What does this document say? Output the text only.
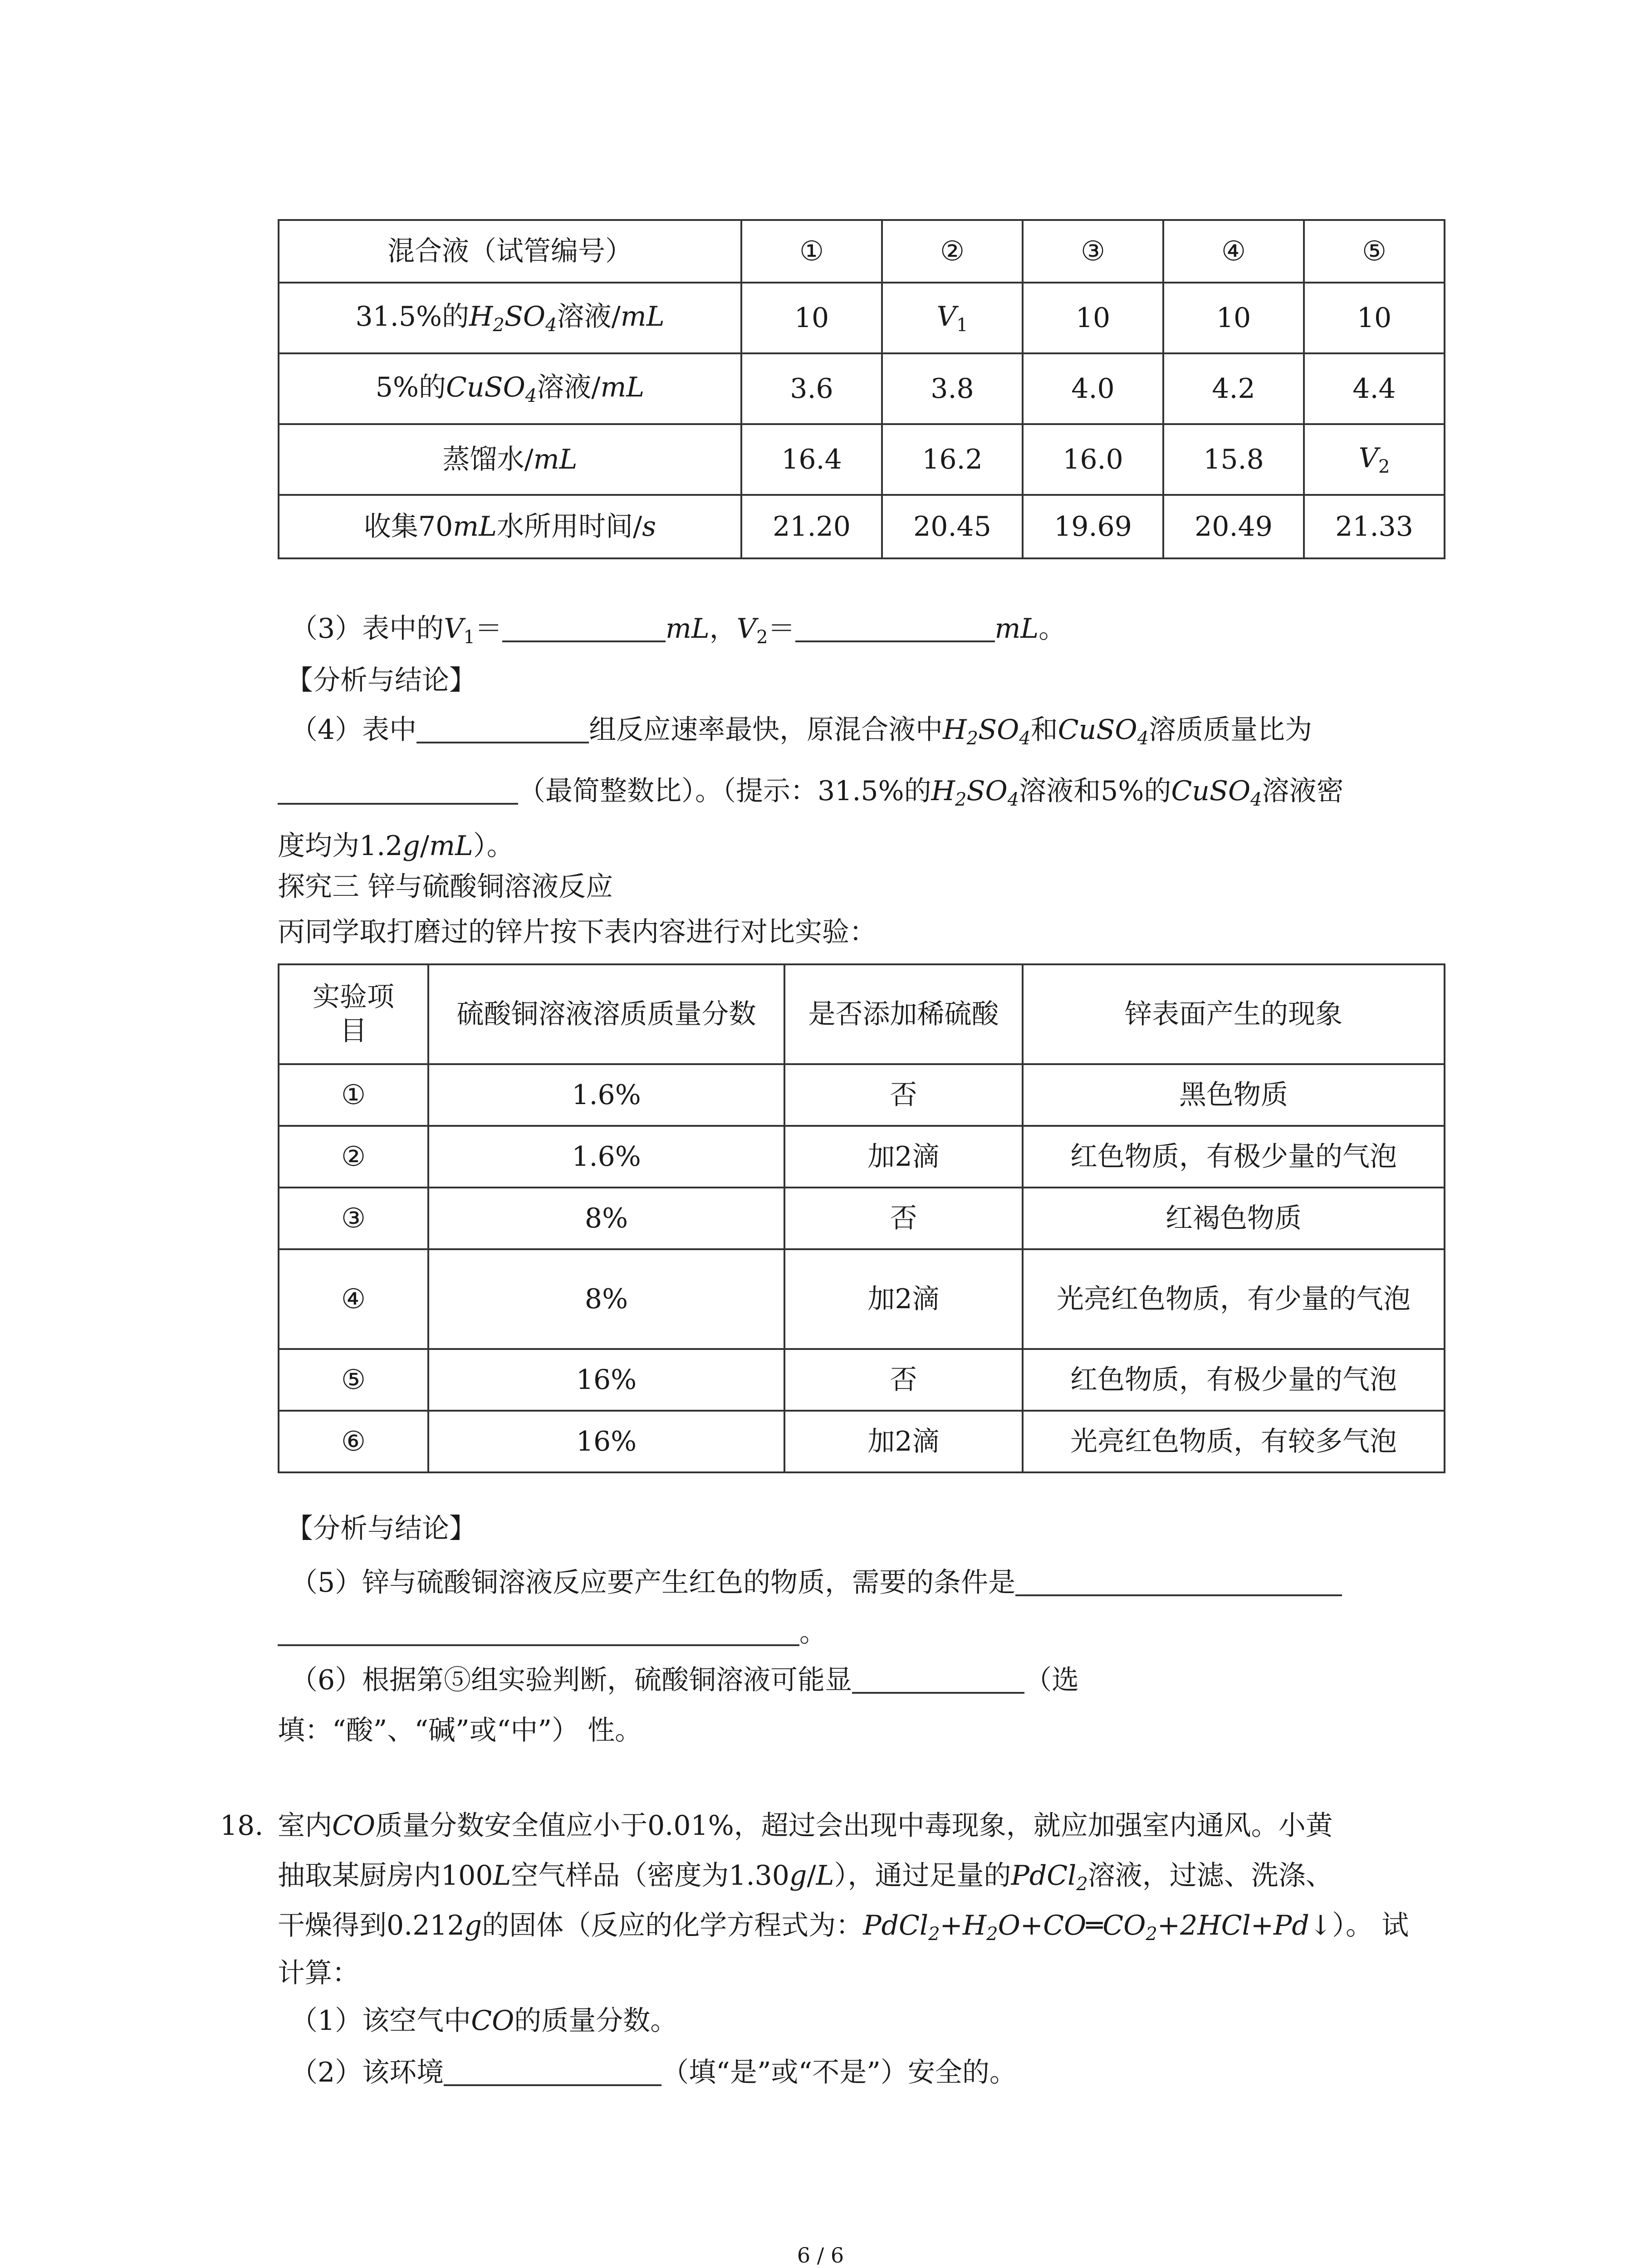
混合液（试管编号）	①	②	③	④	⑤
31.5%的$H_2SO_4$溶液/mL	10	$V_1$	10	10	10
5%的CuSO$_4$溶液/mL	3.6	3.8	4.0	4.2	4.4
蒸馏水/mL	16.4	16.2	16.0	15.8	$V_2$
收集70mL水所用时间/s	21.20	20.45	19.69	20.49	21.33
（3）表中的$V_1=$	mL，$V_2=$	mL。
【分析与结论】
（4）表中	组反应速率最快，原混合液中$H_2SO_4$和CuSO$_4$溶质质量比为
（最简整数比）。（提示：31.5%的$H_2SO_4$溶液和5%的CuSO$_4$溶液密
度均为1.2g/mL）。
探究三 锌与硫酸铜溶液反应
丙同学取打磨过的锌片按下表内容进行对比实验：
实验项目	硫酸铜溶液溶质质量分数	是否添加稀硫酸	锌表面产生的现象
①	1.6%	否	黑色物质
②	1.6%	加2滴	红色物质，有极少量的气泡
③	8%	否	红褐色物质
④	8%	加2滴	光亮红色物质，有少量的气泡
⑤	16%	否	红色物质，有极少量的气泡
⑥	16%	加2滴	光亮红色物质，有较多气泡
【分析与结论】
（5）锌与硫酸铜溶液反应要产生红色的物质，需要的条件是
。
（6）根据第⑤组实验判断，硫酸铜溶液可能显	（选
填：“酸”、“碱”或“中”） 性。
18. 室内CO质量分数安全值应小于0.01%，超过会出现中毒现象，就应加强室内通风。小黄
抽取某厨房内100L空气样品（密度为1.30g/L），通过足量的PdCl$_2$溶液，过滤、洗涤、
干燥得到0.212g的固体（反应的化学方程式为：$PdCl_2+H_2O+CO═CO_2+2HCl+Pd↓$）。 试
计算：
（1）该空气中CO的质量分数。
（2）该环境	（填“是”或“不是”）安全的。
6 / 6
